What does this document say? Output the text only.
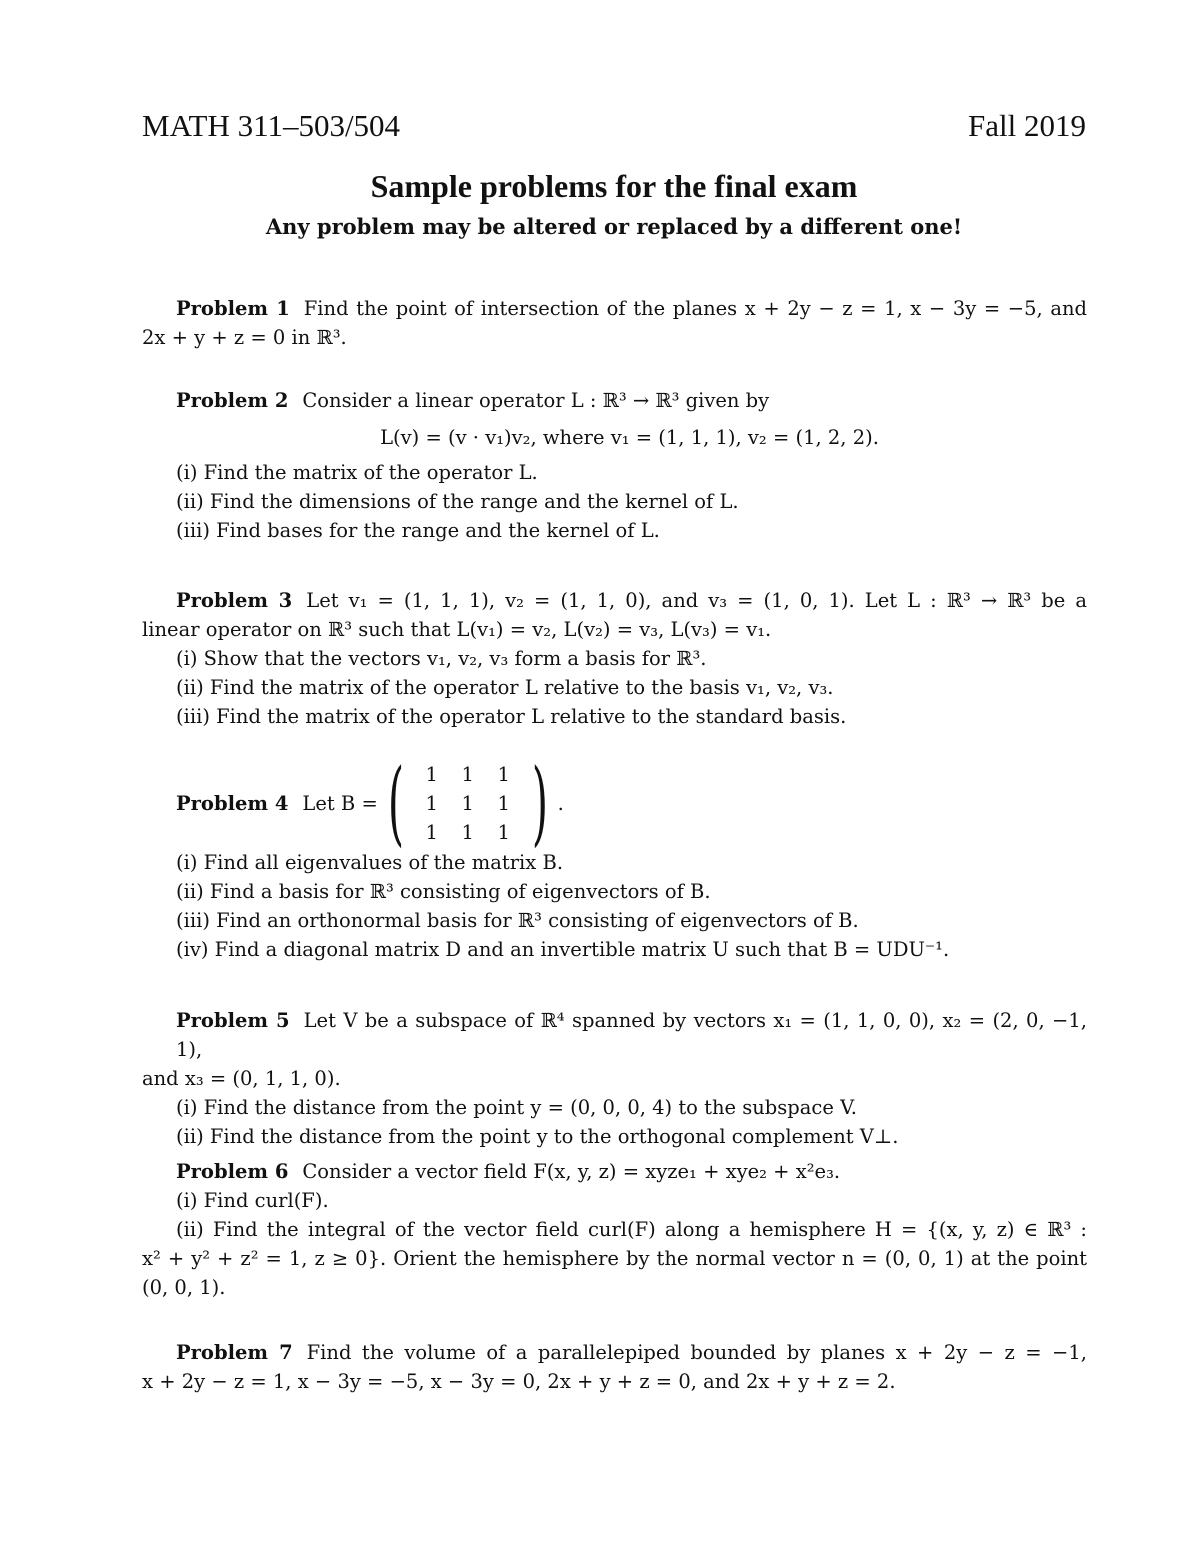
MATH 311–503/504	Fall 2019
Sample problems for the final exam
Any problem may be altered or replaced by a different one!
Problem 1 Find the point of intersection of the planes x + 2y − z = 1, x − 3y = −5, and
2x + y + z = 0 in ℝ³.
Problem 2 Consider a linear operator L : ℝ³ → ℝ³ given by
L(v) = (v · v₁)v₂, where v₁ = (1, 1, 1), v₂ = (1, 2, 2).
(i) Find the matrix of the operator L.
(ii) Find the dimensions of the range and the kernel of L.
(iii) Find bases for the range and the kernel of L.
Problem 3 Let v₁ = (1, 1, 1), v₂ = (1, 1, 0), and v₃ = (1, 0, 1). Let L : ℝ³ → ℝ³ be a
linear operator on ℝ³ such that L(v₁) = v₂, L(v₂) = v₃, L(v₃) = v₁.
(i) Show that the vectors v₁, v₂, v₃ form a basis for ℝ³.
(ii) Find the matrix of the operator L relative to the basis v₁, v₂, v₃.
(iii) Find the matrix of the operator L relative to the standard basis.
Problem 4 Let B = (	1	1	1
1	1	1
1	1	1 ) .
(i) Find all eigenvalues of the matrix B.
(ii) Find a basis for ℝ³ consisting of eigenvectors of B.
(iii) Find an orthonormal basis for ℝ³ consisting of eigenvectors of B.
(iv) Find a diagonal matrix D and an invertible matrix U such that B = UDU⁻¹.
Problem 5 Let V be a subspace of ℝ⁴ spanned by vectors x₁ = (1, 1, 0, 0), x₂ = (2, 0, −1, 1),
and x₃ = (0, 1, 1, 0).
(i) Find the distance from the point y = (0, 0, 0, 4) to the subspace V.
(ii) Find the distance from the point y to the orthogonal complement V⊥.
Problem 6 Consider a vector field F(x, y, z) = xyze₁ + xye₂ + x²e₃.
(i) Find curl(F).
(ii) Find the integral of the vector field curl(F) along a hemisphere H = {(x, y, z) ∈ ℝ³ :
x² + y² + z² = 1, z ≥ 0}. Orient the hemisphere by the normal vector n = (0, 0, 1) at the point
(0, 0, 1).
Problem 7 Find the volume of a parallelepiped bounded by planes x + 2y − z = −1,
x + 2y − z = 1, x − 3y = −5, x − 3y = 0, 2x + y + z = 0, and 2x + y + z = 2.
